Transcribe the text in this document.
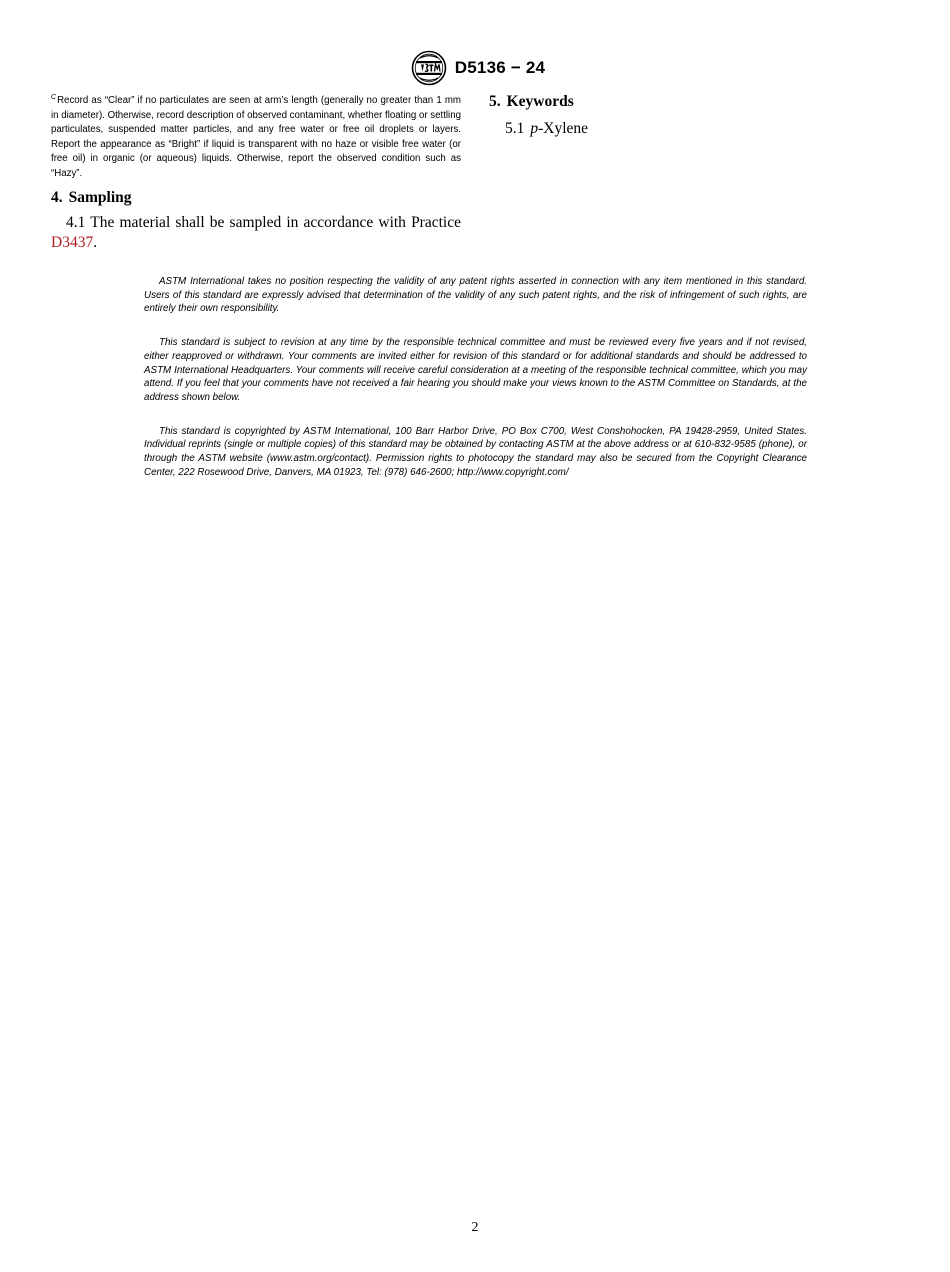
D5136 − 24
$^C$Record as “Clear” if no particulates are seen at arm’s length (generally no greater than 1 mm in diameter). Otherwise, record description of observed contaminant, whether floating or settling particulates, suspended matter particles, and any free water or free oil droplets or layers. Report the appearance as “Bright” if liquid is transparent with no haze or visible free water (or free oil) in organic (or aqueous) liquids. Otherwise, report the observed condition such as “Hazy”.
4. Sampling
4.1 The material shall be sampled in accordance with Practice D3437.
5. Keywords
5.1 p-Xylene

ASTM International takes no position respecting the validity of any patent rights asserted in connection with any item mentioned in this standard. Users of this standard are expressly advised that determination of the validity of any such patent rights, and the risk of infringement of such rights, are entirely their own responsibility.

This standard is subject to revision at any time by the responsible technical committee and must be reviewed every five years and if not revised, either reapproved or withdrawn. Your comments are invited either for revision of this standard or for additional standards and should be addressed to ASTM International Headquarters. Your comments will receive careful consideration at a meeting of the responsible technical committee, which you may attend. If you feel that your comments have not received a fair hearing you should make your views known to the ASTM Committee on Standards, at the address shown below.

This standard is copyrighted by ASTM International, 100 Barr Harbor Drive, PO Box C700, West Conshohocken, PA 19428-2959, United States. Individual reprints (single or multiple copies) of this standard may be obtained by contacting ASTM at the above address or at 610-832-9585 (phone), or through the ASTM website (www.astm.org/contact). Permission rights to photocopy the standard may also be secured from the Copyright Clearance Center, 222 Rosewood Drive, Danvers, MA 01923, Tel: (978) 646-2600; http://www.copyright.com/

2
